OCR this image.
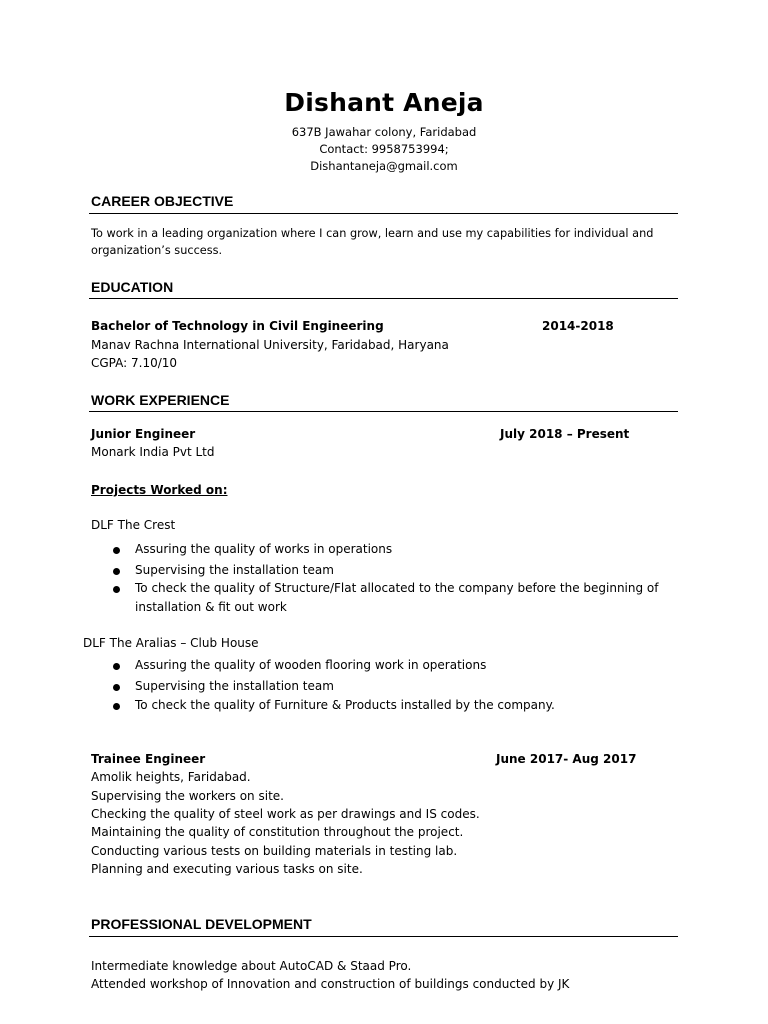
Dishant Aneja
637B Jawahar colony, Faridabad
Contact: 9958753994;
Dishantaneja@gmail.com
CAREER OBJECTIVE
To work in a leading organization where I can grow, learn and use my capabilities for individual and
organization’s success.
EDUCATION
Bachelor of Technology in Civil Engineering	2014-2018
Manav Rachna International University, Faridabad, Haryana
CGPA: 7.10/10
WORK EXPERIENCE
Junior Engineer	July 2018 – Present
Monark India Pvt Ltd
Projects Worked on:
DLF The Crest
Assuring the quality of works in operations
Supervising the installation team
To check the quality of Structure/Flat allocated to the company before the beginning of
installation & fit out work
DLF The Aralias – Club House
Assuring the quality of wooden flooring work in operations
Supervising the installation team
To check the quality of Furniture & Products installed by the company.
Trainee Engineer	June 2017- Aug 2017
Amolik heights, Faridabad.
Supervising the workers on site.
Checking the quality of steel work as per drawings and IS codes.
Maintaining the quality of constitution throughout the project.
Conducting various tests on building materials in testing lab.
Planning and executing various tasks on site.
PROFESSIONAL DEVELOPMENT
Intermediate knowledge about AutoCAD & Staad Pro.
Attended workshop of Innovation and construction of buildings conducted by JK
